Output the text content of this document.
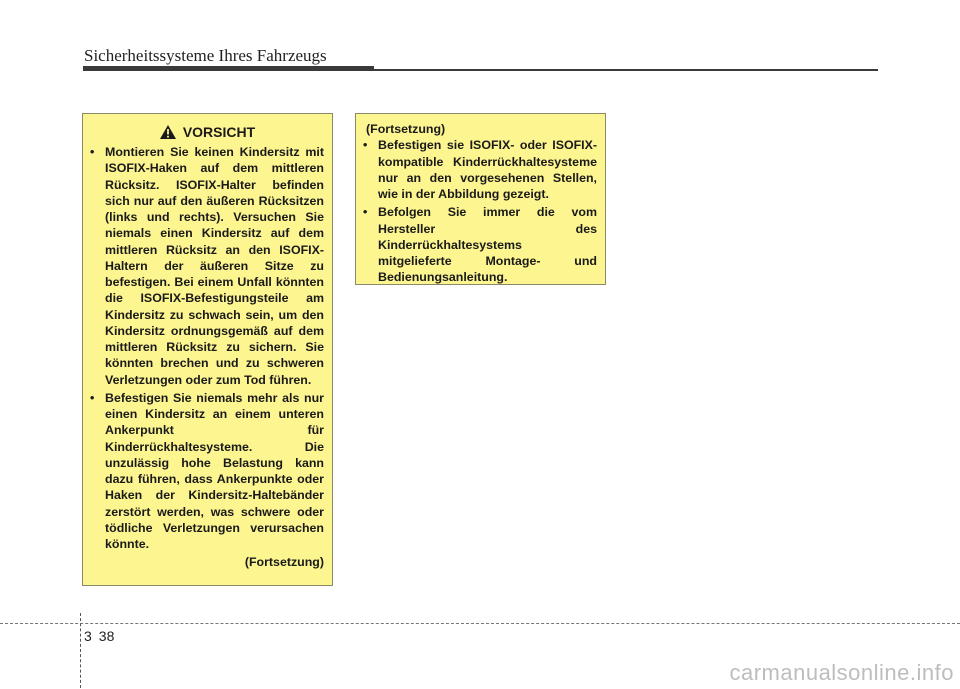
Sicherheitssysteme Ihres Fahrzeugs
VORSICHT
• Montieren Sie keinen Kindersitz mit ISOFIX-Haken auf dem mittleren Rücksitz. ISOFIX-Halter befinden sich nur auf den äußeren Rücksitzen (links und rechts). Versuchen Sie niemals einen Kindersitz auf dem mittleren Rücksitz an den ISOFIX-Haltern der äußeren Sitze zu befestigen. Bei einem Unfall könnten die ISOFIX-Befestigungsteile am Kindersitz zu schwach sein, um den Kindersitz ordnungsgemäß auf dem mittleren Rücksitz zu sichern. Sie könnten brechen und zu schweren Verletzungen oder zum Tod führen.
• Befestigen Sie niemals mehr als nur einen Kindersitz an einem unteren Ankerpunkt für Kinderrückhaltesysteme. Die unzulässig hohe Belastung kann dazu führen, dass Ankerpunkte oder Haken der Kindersitz-Haltebänder zerstört werden, was schwere oder tödliche Verletzungen verursachen könnte.
(Fortsetzung)
(Fortsetzung)
• Befestigen sie ISOFIX- oder ISOFIX-kompatible Kinderrückhaltesysteme nur an den vorgesehenen Stellen, wie in der Abbildung gezeigt.
• Befolgen Sie immer die vom Hersteller des Kinderrückhaltesystems mitgelieferte Montage- und Bedienungsanleitung.
3 38
carmanualsonline.info
